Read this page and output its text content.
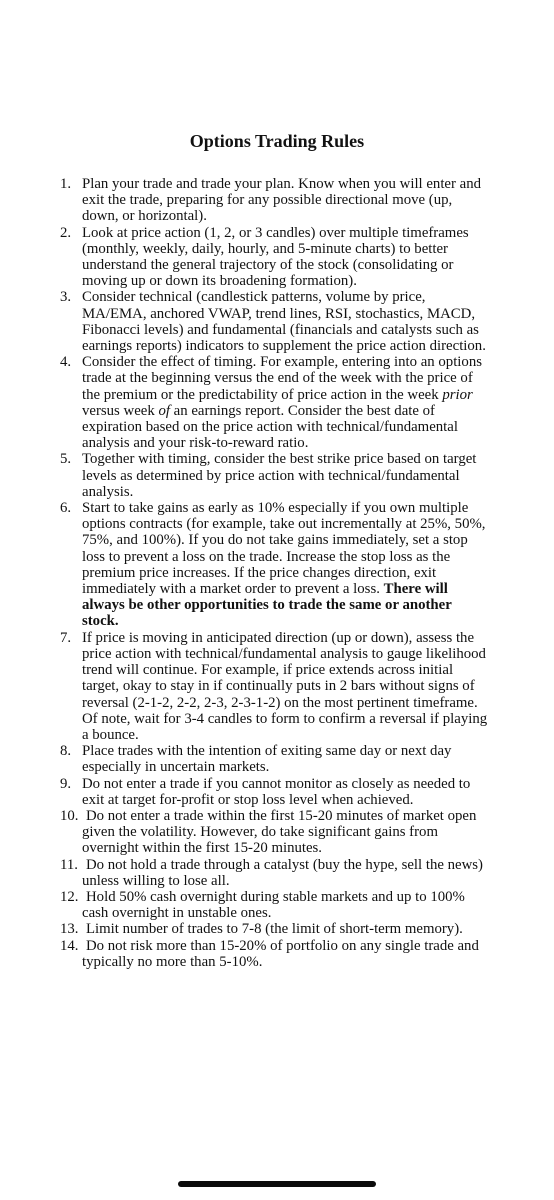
Options Trading Rules
1. Plan your trade and trade your plan. Know when you will enter and exit the trade, preparing for any possible directional move (up, down, or horizontal).
2. Look at price action (1, 2, or 3 candles) over multiple timeframes (monthly, weekly, daily, hourly, and 5-minute charts) to better understand the general trajectory of the stock (consolidating or moving up or down its broadening formation).
3. Consider technical (candlestick patterns, volume by price, MA/EMA, anchored VWAP, trend lines, RSI, stochastics, MACD, Fibonacci levels) and fundamental (financials and catalysts such as earnings reports) indicators to supplement the price action direction.
4. Consider the effect of timing. For example, entering into an options trade at the beginning versus the end of the week with the price of the premium or the predictability of price action in the week prior versus week of an earnings report. Consider the best date of expiration based on the price action with technical/fundamental analysis and your risk-to-reward ratio.
5. Together with timing, consider the best strike price based on target levels as determined by price action with technical/fundamental analysis.
6. Start to take gains as early as 10% especially if you own multiple options contracts (for example, take out incrementally at 25%, 50%, 75%, and 100%). If you do not take gains immediately, set a stop loss to prevent a loss on the trade. Increase the stop loss as the premium price increases. If the price changes direction, exit immediately with a market order to prevent a loss. There will always be other opportunities to trade the same or another stock.
7. If price is moving in anticipated direction (up or down), assess the price action with technical/fundamental analysis to gauge likelihood trend will continue. For example, if price extends across initial target, okay to stay in if continually puts in 2 bars without signs of reversal (2-1-2, 2-2, 2-3, 2-3-1-2) on the most pertinent timeframe. Of note, wait for 3-4 candles to form to confirm a reversal if playing a bounce.
8. Place trades with the intention of exiting same day or next day especially in uncertain markets.
9. Do not enter a trade if you cannot monitor as closely as needed to exit at target for-profit or stop loss level when achieved.
10. Do not enter a trade within the first 15-20 minutes of market open given the volatility. However, do take significant gains from overnight within the first 15-20 minutes.
11. Do not hold a trade through a catalyst (buy the hype, sell the news) unless willing to lose all.
12. Hold 50% cash overnight during stable markets and up to 100% cash overnight in unstable ones.
13. Limit number of trades to 7-8 (the limit of short-term memory).
14. Do not risk more than 15-20% of portfolio on any single trade and typically no more than 5-10%.
